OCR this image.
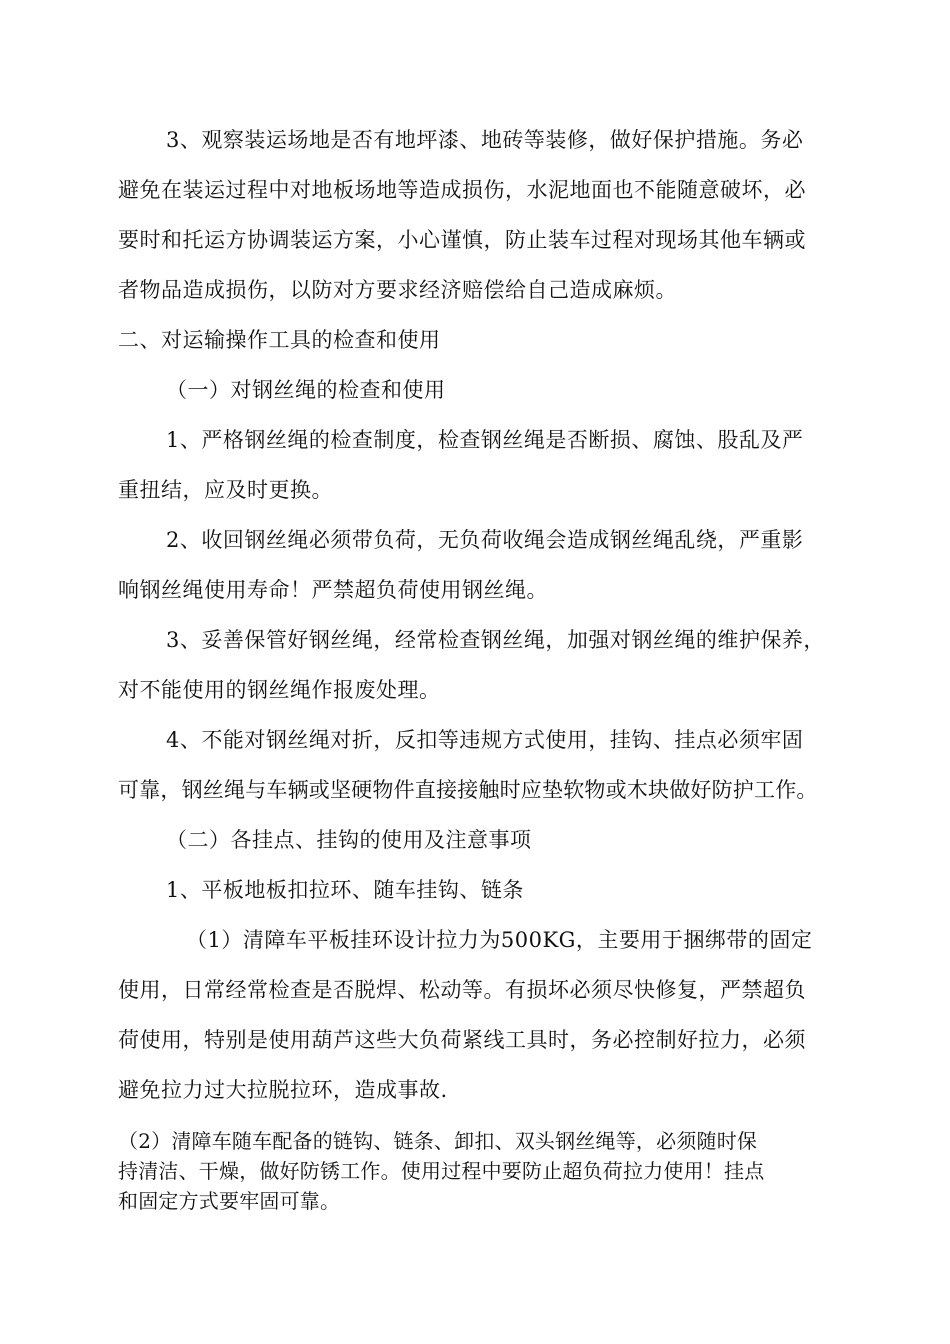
3、观察装运场地是否有地坪漆、地砖等装修，做好保护措施。务必

避免在装运过程中对地板场地等造成损伤，水泥地面也不能随意破坏，必

要时和托运方协调装运方案，小心谨慎，防止装车过程对现场其他车辆或

者物品造成损伤，以防对方要求经济赔偿给自己造成麻烦。

二、对运输操作工具的检查和使用

（一）对钢丝绳的检查和使用

1、严格钢丝绳的检查制度，检查钢丝绳是否断损、腐蚀、股乱及严

重扭结，应及时更换。

2、收回钢丝绳必须带负荷，无负荷收绳会造成钢丝绳乱绕，严重影

响钢丝绳使用寿命！严禁超负荷使用钢丝绳。

3、妥善保管好钢丝绳，经常检查钢丝绳，加强对钢丝绳的维护保养，

对不能使用的钢丝绳作报废处理。

4、不能对钢丝绳对折，反扣等违规方式使用，挂钩、挂点必须牢固

可靠，钢丝绳与车辆或坚硬物件直接接触时应垫软物或木块做好防护工作。

（二）各挂点、挂钩的使用及注意事项

1、平板地板扣拉环、随车挂钩、链条

（1）清障车平板挂环设计拉力为500KG，主要用于捆绑带的固定

使用，日常经常检查是否脱焊、松动等。有损坏必须尽快修复，严禁超负

荷使用，特别是使用葫芦这些大负荷紧线工具时，务必控制好拉力，必须

避免拉力过大拉脱拉环，造成事故.

（2）清障车随车配备的链钩、链条、卸扣、双头钢丝绳等，必须随时保

持清洁、干燥，做好防锈工作。使用过程中要防止超负荷拉力使用！挂点

和固定方式要牢固可靠。
